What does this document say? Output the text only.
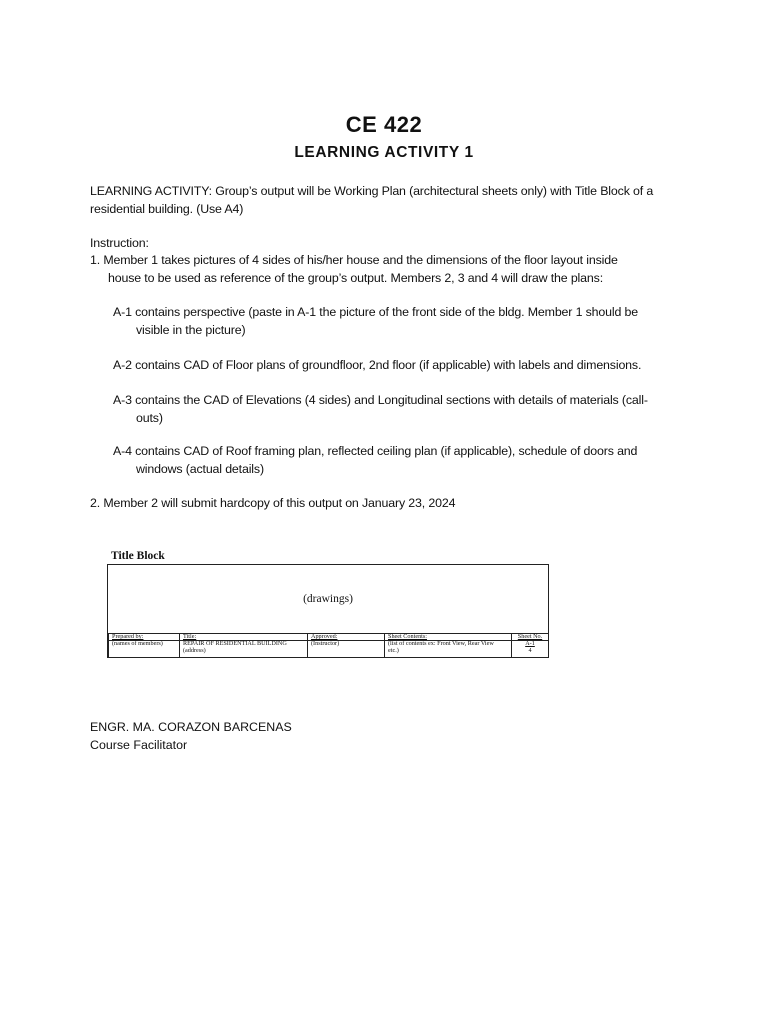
CE 422
LEARNING ACTIVITY 1
LEARNING ACTIVITY: Group’s output will be Working Plan (architectural sheets only) with Title Block of a residential building. (Use A4)
Instruction:
1. Member 1 takes pictures of 4 sides of his/her house and the dimensions of the floor layout inside
house to be used as reference of the group’s output. Members 2, 3 and 4 will draw the plans:
A-1 contains perspective (paste in A-1 the picture of the front side of the bldg. Member 1 should be
visible in the picture)
A-2 contains CAD of Floor plans of groundfloor, 2nd floor (if applicable) with labels and dimensions.
A-3 contains the CAD of Elevations (4 sides) and Longitudinal sections with details of materials (call-
outs)
A-4 contains CAD of Roof framing plan, reflected ceiling plan (if applicable), schedule of doors and
windows (actual details)
2. Member 2 will submit hardcopy of this output on January 23, 2024
Title Block
(drawings)
Prepared by:
(names of members)
Title:
REPAIR OF RESIDENTIAL BUILDING (address)
Approved:
(Instructor)
Sheet Contents:
(list of contents ex: Front View, Rear View etc.)
Sheet No.
A-1
4
ENGR. MA. CORAZON BARCENAS
Course Facilitator
